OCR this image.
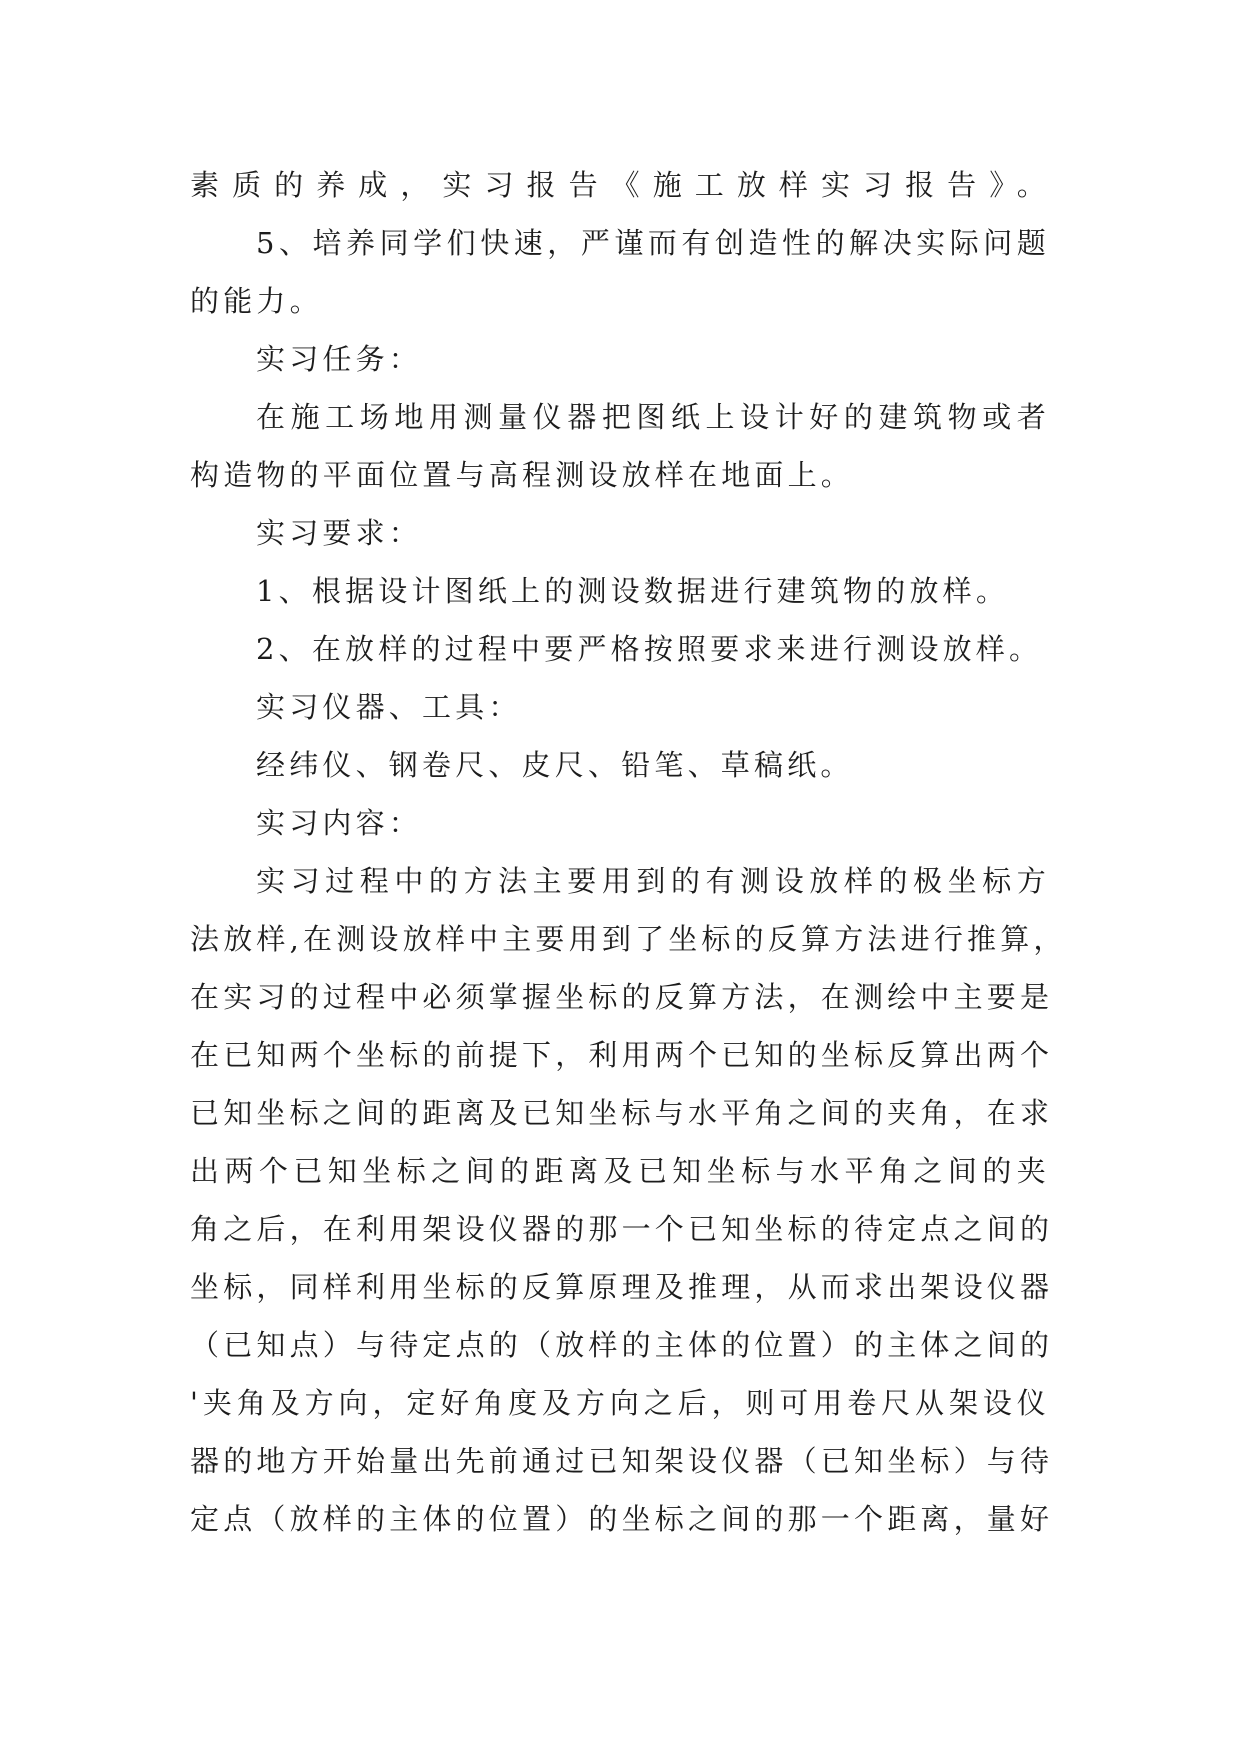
素质的养成，实习报告《施工放样实习报告》。
5、培养同学们快速，严谨而有创造性的解决实际问题
的能力。
实习任务：
在施工场地用测量仪器把图纸上设计好的建筑物或者
构造物的平面位置与高程测设放样在地面上。
实习要求：
1、根据设计图纸上的测设数据进行建筑物的放样。
2、在放样的过程中要严格按照要求来进行测设放样。
实习仪器、工具：
经纬仪、钢卷尺、皮尺、铅笔、草稿纸。
实习内容：
实习过程中的方法主要用到的有测设放样的极坐标方
法放样,在测设放样中主要用到了坐标的反算方法进行推算，
在实习的过程中必须掌握坐标的反算方法，在测绘中主要是
在已知两个坐标的前提下，利用两个已知的坐标反算出两个
已知坐标之间的距离及已知坐标与水平角之间的夹角，在求
出两个已知坐标之间的距离及已知坐标与水平角之间的夹
角之后，在利用架设仪器的那一个已知坐标的待定点之间的
坐标，同样利用坐标的反算原理及推理，从而求出架设仪器
（已知点）与待定点的（放样的主体的位置）的主体之间的
'夹角及方向，定好角度及方向之后，则可用卷尺从架设仪
器的地方开始量出先前通过已知架设仪器（已知坐标）与待
定点（放样的主体的位置）的坐标之间的那一个距离，量好
